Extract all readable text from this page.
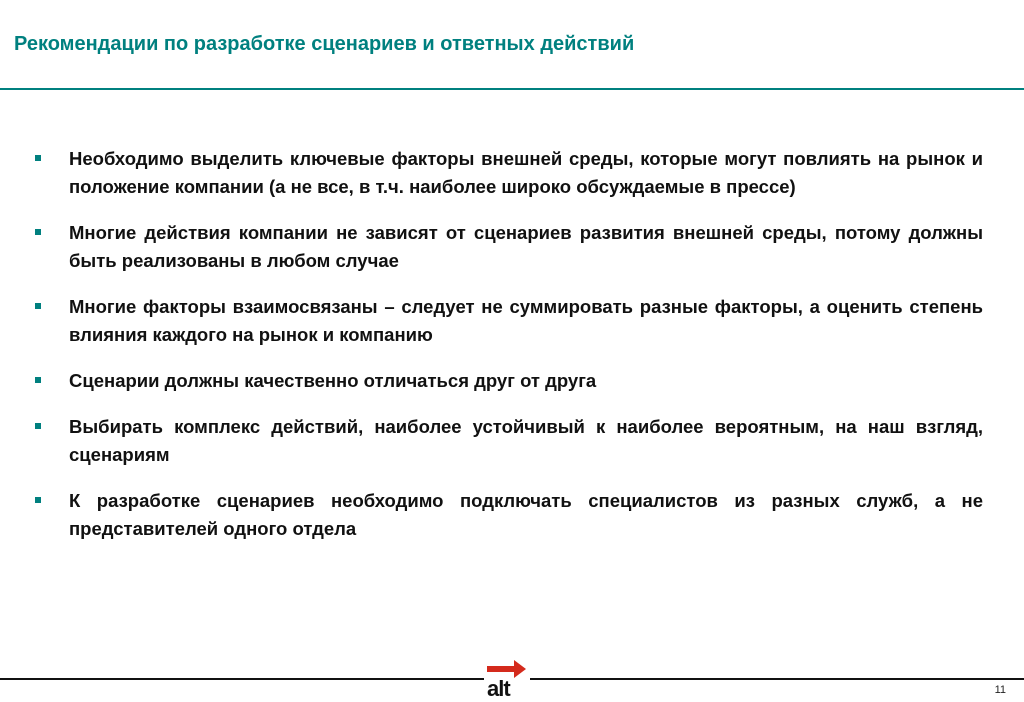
Рекомендации по разработке сценариев и ответных действий
Необходимо выделить ключевые факторы внешней среды, которые могут повлиять на рынок и положение компании (а не все, в т.ч. наиболее широко обсуждаемые в прессе)
Многие действия компании не зависят от сценариев развития внешней среды, потому должны быть реализованы в любом случае
Многие факторы взаимосвязаны – следует не суммировать разные факторы, а оценить степень влияния каждого на рынок и компанию
Сценарии должны качественно отличаться друг от друга
Выбирать комплекс действий, наиболее устойчивый к наиболее вероятным, на наш взгляд, сценариям
К разработке сценариев необходимо подключать специалистов из разных служб, а не представителей одного отдела
alt	11
